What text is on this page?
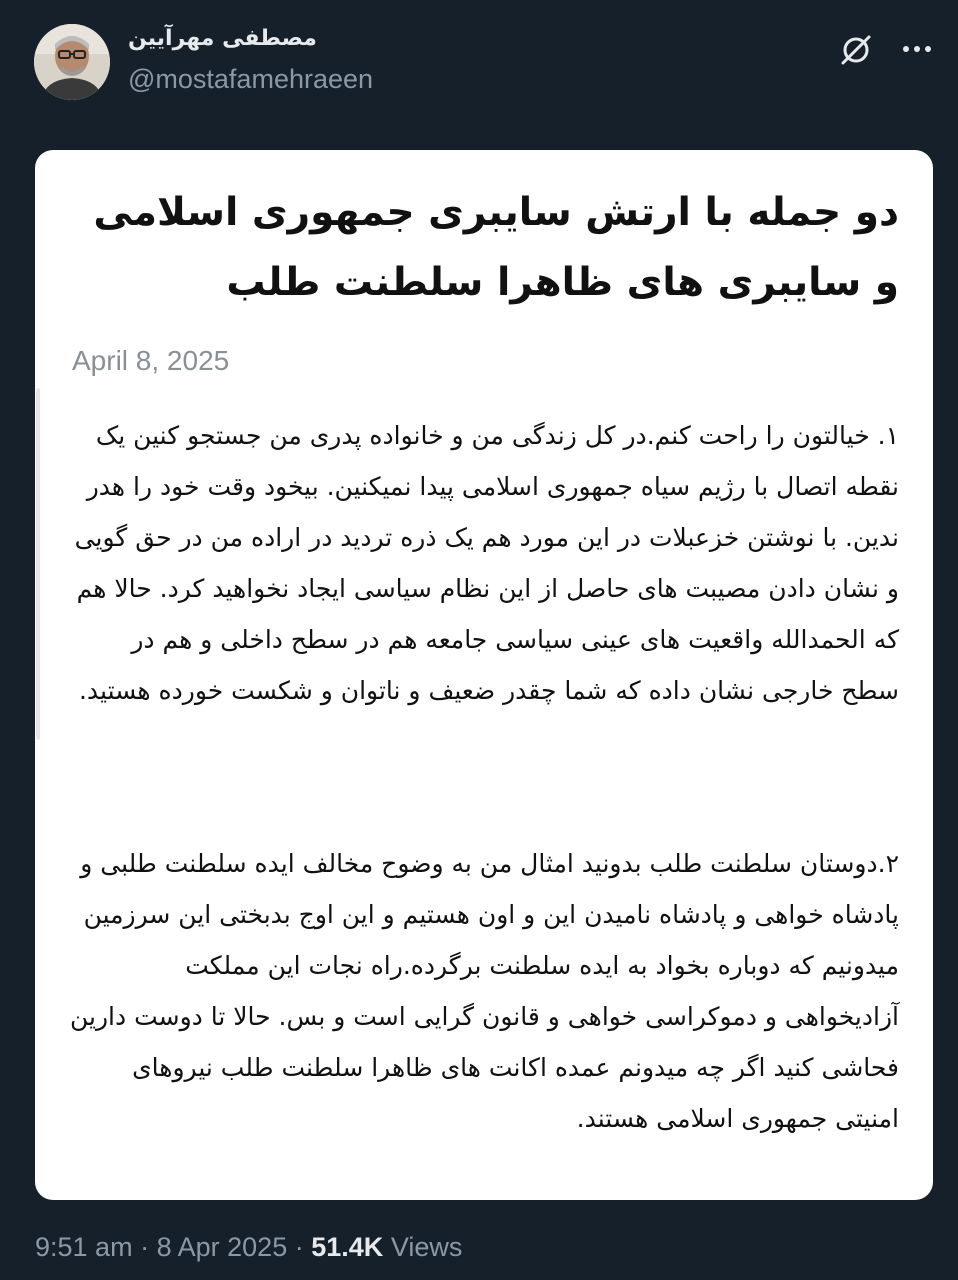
مصطفی مهرآیین
@mostafamehraeen
دو جمله با ارتش سایبری جمهوری اسلامی و سایبری های ظاهرا سلطنت طلب
April 8, 2025
۱. خیالتون را راحت کنم.در کل زندگی من و خانواده پدری من جستجو کنین یک نقطه اتصال با رژیم سیاه جمهوری اسلامی پیدا نمیکنین. بیخود وقت خود را هدر ندین. با نوشتن خزعبلات در این مورد هم یک ذره تردید در اراده من در حق گویی و نشان دادن مصیبت های حاصل از این نظام سیاسی ایجاد نخواهید کرد. حالا هم که الحمدالله واقعیت های عینی سیاسی جامعه هم در سطح داخلی و هم در سطح خارجی نشان داده که شما چقدر ضعیف و ناتوان و شکست خورده هستید.
۲.دوستان سلطنت طلب بدونید امثال من به وضوح مخالف ایده سلطنت طلبی و پادشاه خواهی و پادشاه نامیدن این و اون هستیم و این اوج بدبختی این سرزمین میدونیم که دوباره بخواد به ایده سلطنت برگرده.راه نجات این مملکت آزادیخواهی و دموکراسی خواهی و قانون گرایی است و بس. حالا تا دوست دارین فحاشی کنید اگر چه میدونم عمده اکانت های ظاهرا سلطنت طلب نیروهای امنیتی جمهوری اسلامی هستند.
9:51 am · 8 Apr 2025 · 51.4K Views
